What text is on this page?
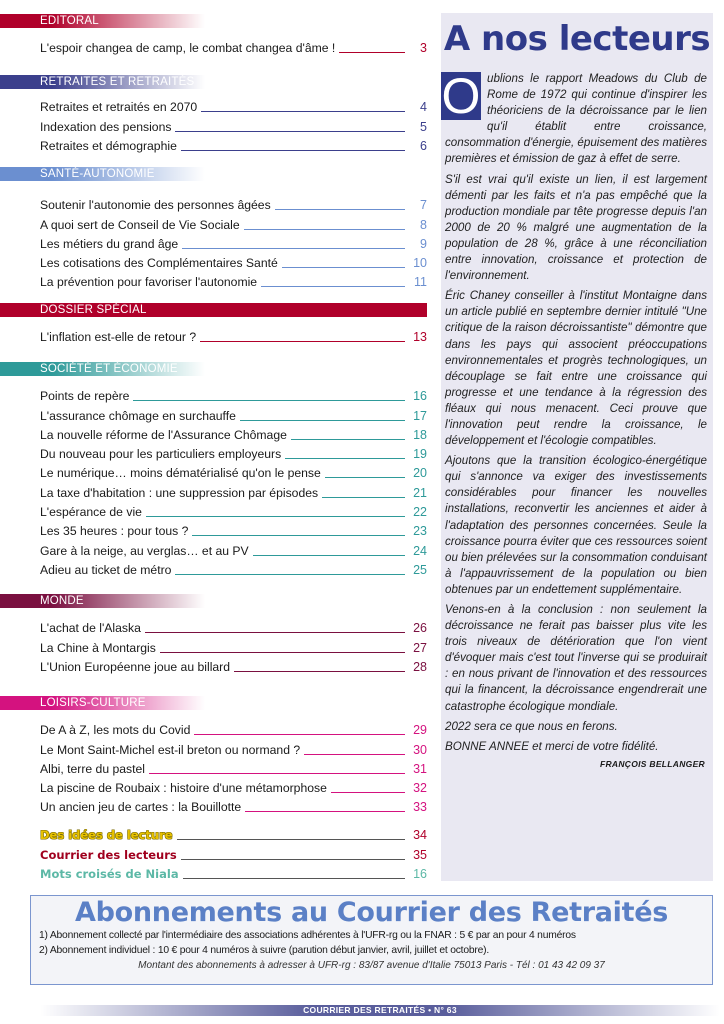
EDITORAL
L'espoir changea de camp, le combat changea d'âme !	3
RETRAITES ET RETRAITÉS
Retraites et retraités en 2070	4
Indexation des pensions	5
Retraites et démographie	6
SANTÉ-AUTONOMIE
Soutenir l'autonomie des personnes âgées	7
A quoi sert de Conseil de Vie Sociale	8
Les métiers du grand âge	9
Les cotisations des Complémentaires Santé	10
La prévention pour favoriser l'autonomie	11
DOSSIER SPÉCIAL
L'inflation est-elle de retour ?	13
SOCIÉTÉ ET ÉCONOMIE
Points de repère	16
L'assurance chômage en surchauffe	17
La nouvelle réforme de l'Assurance Chômage	18
Du nouveau pour les particuliers employeurs	19
Le numérique… moins dématérialisé qu'on le pense	20
La taxe d'habitation : une suppression par épisodes	21
L'espérance de vie	22
Les 35 heures : pour tous ?	23
Gare à la neige, au verglas… et au PV	24
Adieu au ticket de métro	25
MONDE
L'achat de l'Alaska	26
La Chine à Montargis	27
L'Union Européenne joue au billard	28
LOISIRS-CULTURE
De A à Z, les mots du Covid	29
Le Mont Saint-Michel est-il breton ou normand ?	30
Albi, terre du pastel	31
La piscine de Roubaix : histoire d'une métamorphose	32
Un ancien jeu de cartes : la Bouillotte	33
Des idées de lecture	34
Courrier des lecteurs	35
Mots croisés de Niala	16
A nos lecteurs

O ublions le rapport Meadows du Club de Rome de 1972 qui continue d'inspirer les théoriciens de la décroissance par le lien qu'il établit entre croissance, consommation d'énergie, épuisement des matières premières et émission de gaz à effet de serre.

S'il est vrai qu'il existe un lien, il est largement démenti par les faits et n'a pas empêché que la production mondiale par tête progresse depuis l'an 2000 de 20 % malgré une augmentation de la population de 28 %, grâce à une réconciliation entre innovation, croissance et protection de l'environnement.

Éric Chaney conseiller à l'institut Montaigne dans un article publié en septembre dernier intitulé "Une critique de la raison décroissantiste" démontre que dans les pays qui associent préoccupations environnementales et progrès technologiques, un découplage se fait entre une croissance qui progresse et une tendance à la régression des fléaux qui nous menacent. Ceci prouve que l'innovation peut rendre la croissance, le développement et l'écologie compatibles.

Ajoutons que la transition écologico-énergétique qui s'annonce va exiger des investissements considérables pour financer les nouvelles installations, reconvertir les anciennes et aider à l'adaptation des personnes concernées. Seule la croissance pourra éviter que ces ressources soient ou bien prélevées sur la consommation conduisant à l'appauvrissement de la population ou bien obtenues par un endettement supplémentaire.

Venons-en à la conclusion : non seulement la décroissance ne ferait pas baisser plus vite les trois niveaux de détérioration que l'on vient d'évoquer mais c'est tout l'inverse qui se produirait : en nous privant de l'innovation et des ressources qui la financent, la décroissance engendrerait une catastrophe écologique mondiale.

2022 sera ce que nous en ferons.

BONNE ANNEE et merci de votre fidélité.

FRANÇOIS BELLANGER
Abonnements au Courrier des Retraités
1) Abonnement collecté par l'intermédiaire des associations adhérentes à l'UFR-rg ou la FNAR : 5 € par an pour 4 numéros
2) Abonnement individuel : 10 € pour 4 numéros à suivre (parution début janvier, avril, juillet et octobre).
Montant des abonnements à adresser à UFR-rg : 83/87 avenue d'Italie 75013 Paris - Tél : 01 43 42 09 37
COURRIER DES RETRAITÉS • N° 63
